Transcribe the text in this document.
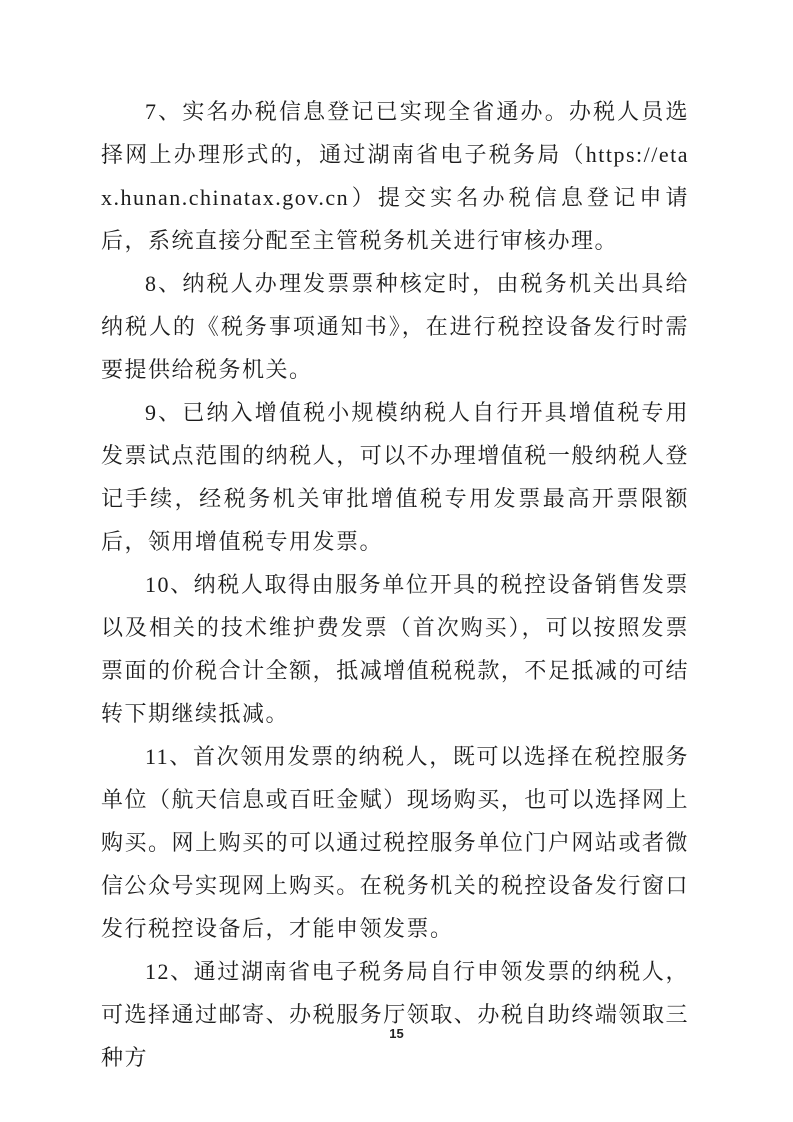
7、实名办税信息登记已实现全省通办。办税人员选择网上办理形式的，通过湖南省电子税务局（https://etax.hunan.chinatax.gov.cn）提交实名办税信息登记申请后，系统直接分配至主管税务机关进行审核办理。

8、纳税人办理发票票种核定时，由税务机关出具给纳税人的《税务事项通知书》，在进行税控设备发行时需要提供给税务机关。

9、已纳入增值税小规模纳税人自行开具增值税专用发票试点范围的纳税人，可以不办理增值税一般纳税人登记手续，经税务机关审批增值税专用发票最高开票限额后，领用增值税专用发票。

10、纳税人取得由服务单位开具的税控设备销售发票以及相关的技术维护费发票（首次购买），可以按照发票票面的价税合计全额，抵减增值税税款，不足抵减的可结转下期继续抵减。

11、首次领用发票的纳税人，既可以选择在税控服务单位（航天信息或百旺金赋）现场购买，也可以选择网上购买。网上购买的可以通过税控服务单位门户网站或者微信公众号实现网上购买。在税务机关的税控设备发行窗口发行税控设备后，才能申领发票。

12、通过湖南省电子税务局自行申领发票的纳税人，可选择通过邮寄、办税服务厅领取、办税自助终端领取三种方

15
